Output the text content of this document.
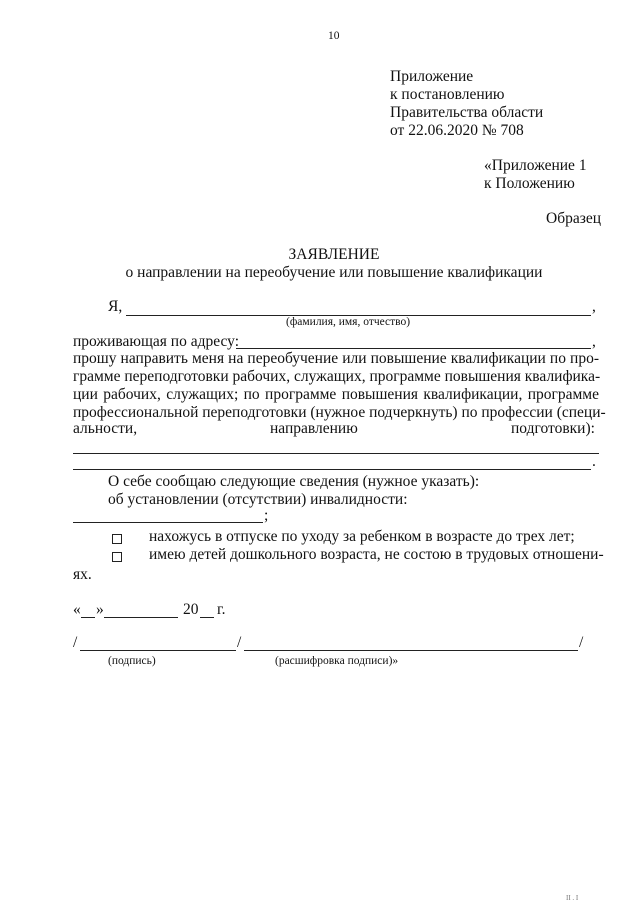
10
Приложение
к постановлению
Правительства области
от 22.06.2020 № 708
«Приложение 1
к Положению
Образец
ЗАЯВЛЕНИЕ
о направлении на переобучение или повышение квалификации
Я,	,
(фамилия, имя, отчество)
проживающая по адресу:	,
прошу направить меня на переобучение или повышение квалификации по про-
грамме переподготовки рабочих, служащих, программе повышения квалифика-
ции рабочих, служащих; по программе повышения квалификации, программе
профессиональной переподготовки (нужное подчеркнуть) по профессии (специ-
альности,	направлению	подготовки):
.
О себе сообщаю следующие сведения (нужное указать):
об установлении (отсутствии) инвалидности:
;
нахожусь в отпуске по уходу за ребенком в возрасте до трех лет;
имею детей дошкольного возраста, не состою в трудовых отношени-
ях.
« »	20 г.
/	/	/
(подпись)	(расшифровка подписи)»
II . I
